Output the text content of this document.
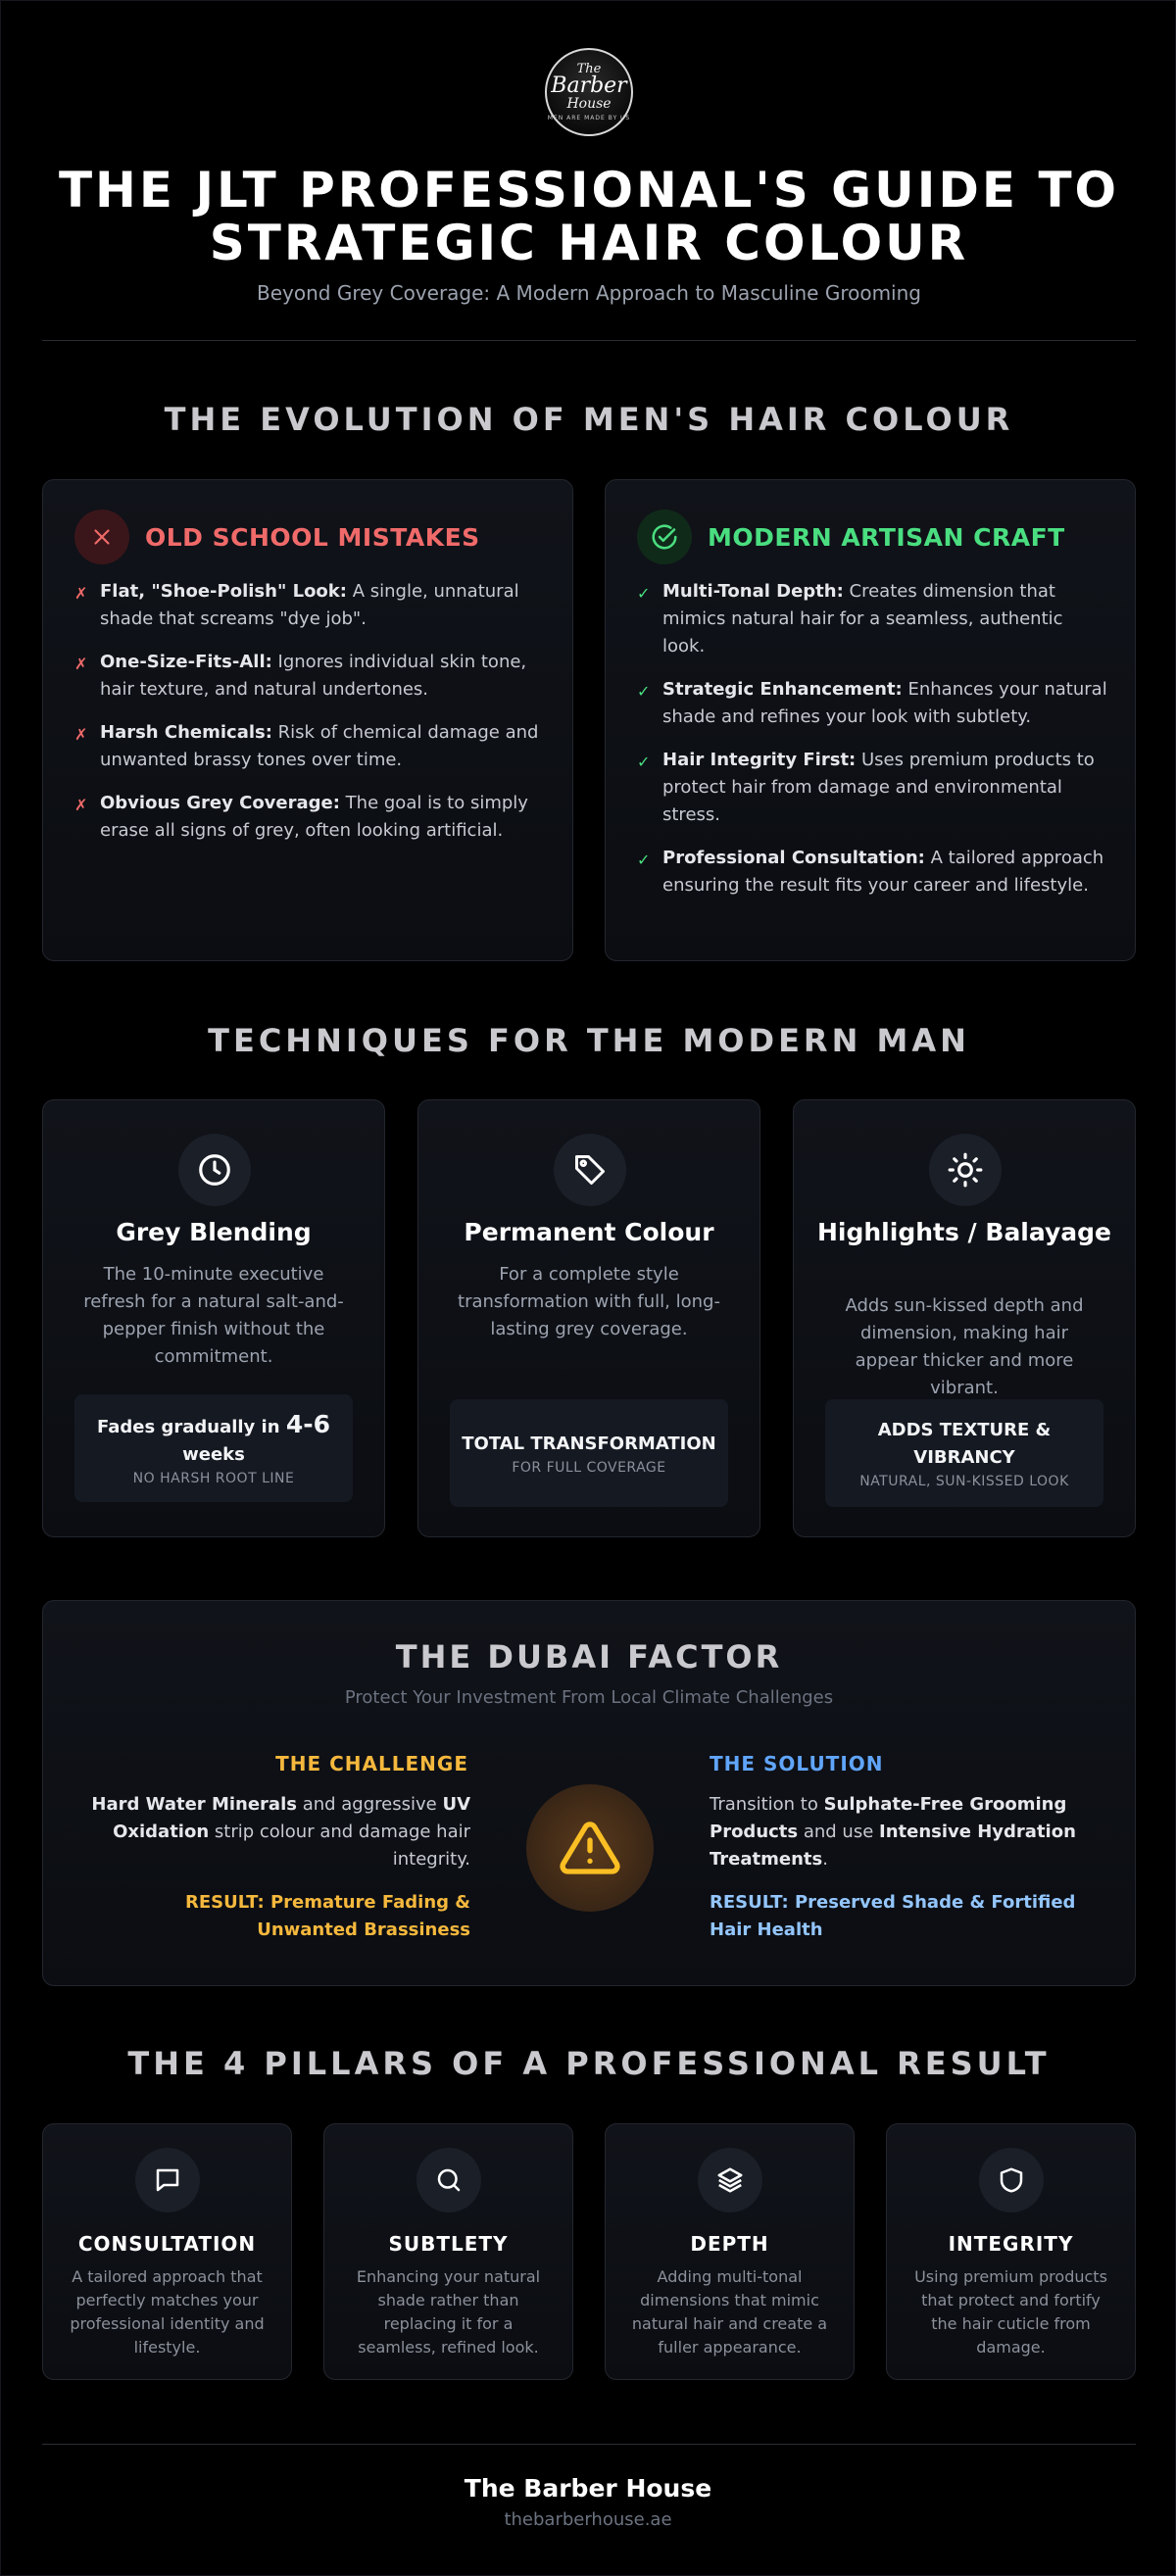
The
Barber
House
MEN ARE MADE BY US
THE JLT PROFESSIONAL'S GUIDE TO STRATEGIC HAIR COLOUR
Beyond Grey Coverage: A Modern Approach to Masculine Grooming
THE EVOLUTION OF MEN'S HAIR COLOUR
OLD SCHOOL MISTAKES
✗ Flat, "Shoe-Polish" Look: A single, unnatural shade that screams "dye job".
✗ One-Size-Fits-All: Ignores individual skin tone, hair texture, and natural undertones.
✗ Harsh Chemicals: Risk of chemical damage and unwanted brassy tones over time.
✗ Obvious Grey Coverage: The goal is to simply erase all signs of grey, often looking artificial.
MODERN ARTISAN CRAFT
✓ Multi-Tonal Depth: Creates dimension that mimics natural hair for a seamless, authentic look.
✓ Strategic Enhancement: Enhances your natural shade and refines your look with subtlety.
✓ Hair Integrity First: Uses premium products to protect hair from damage and environmental stress.
✓ Professional Consultation: A tailored approach ensuring the result fits your career and lifestyle.
TECHNIQUES FOR THE MODERN MAN
Grey Blending
The 10-minute executive refresh for a natural salt-and-pepper finish without the commitment.
Fades gradually in 4-6 weeks
NO HARSH ROOT LINE
Permanent Colour
For a complete style transformation with full, long-lasting grey coverage.
TOTAL TRANSFORMATION
FOR FULL COVERAGE
Highlights / Balayage
Adds sun-kissed depth and dimension, making hair appear thicker and more vibrant.
ADDS TEXTURE & VIBRANCY
NATURAL, SUN-KISSED LOOK
THE DUBAI FACTOR
Protect Your Investment From Local Climate Challenges
THE CHALLENGE
Hard Water Minerals and aggressive UV Oxidation strip colour and damage hair integrity.
RESULT: Premature Fading & Unwanted Brassiness
THE SOLUTION
Transition to Sulphate-Free Grooming Products and use Intensive Hydration Treatments.
RESULT: Preserved Shade & Fortified Hair Health
THE 4 PILLARS OF A PROFESSIONAL RESULT
CONSULTATION
A tailored approach that perfectly matches your professional identity and lifestyle.
SUBTLETY
Enhancing your natural shade rather than replacing it for a seamless, refined look.
DEPTH
Adding multi-tonal dimensions that mimic natural hair and create a fuller appearance.
INTEGRITY
Using premium products that protect and fortify the hair cuticle from damage.
The Barber House
thebarberhouse.ae
